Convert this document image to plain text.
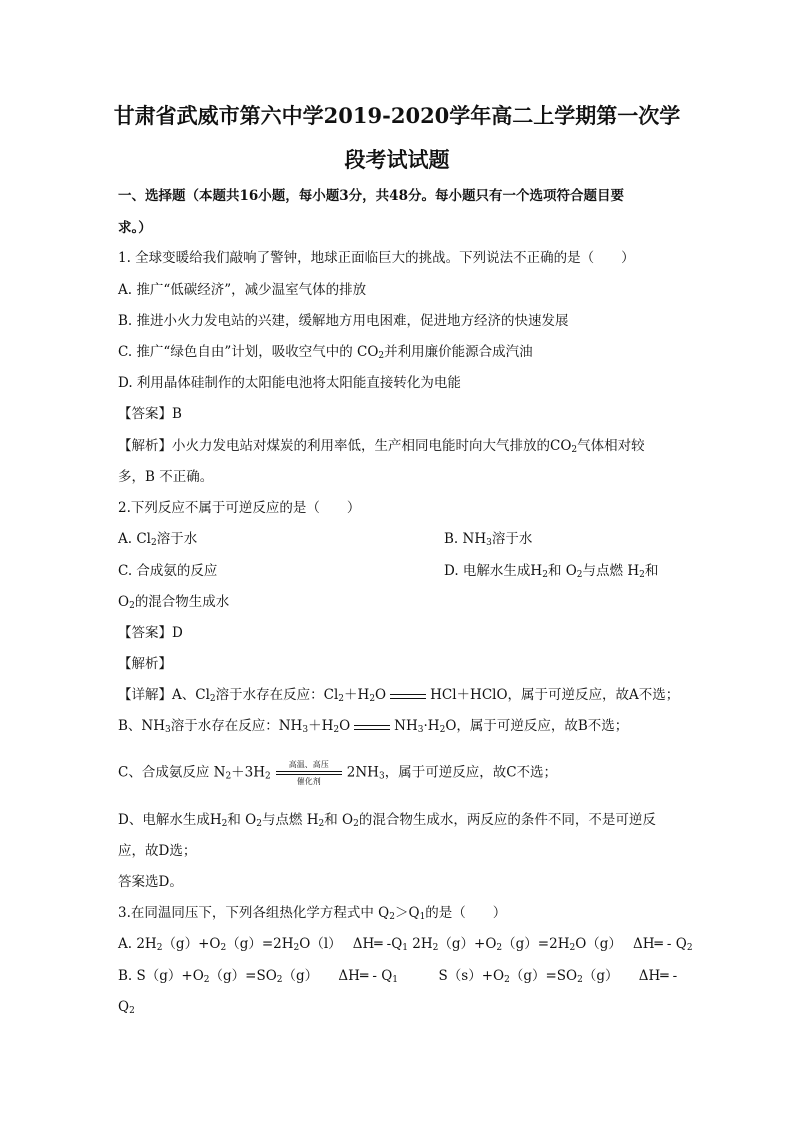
甘肃省武威市第六中学2019-2020学年高二上学期第一次学
段考试试题
一、选择题（本题共16小题，每小题3分，共48分。每小题只有一个选项符合题目要
求。）
1. 全球变暖给我们敲响了警钟，地球正面临巨大的挑战。下列说法不正确的是（　　）
A. 推广“低碳经济”，减少温室气体的排放
B. 推进小火力发电站的兴建，缓解地方用电困难，促进地方经济的快速发展
C. 推广“绿色自由”计划，吸收空气中的 $CO_2$并利用廉价能源合成汽油
D. 利用晶体硅制作的太阳能电池将太阳能直接转化为电能
【答案】B
【解析】小火力发电站对煤炭的利用率低，生产相同电能时向大气排放的$CO_2$气体相对较
多，B 不正确。
2.下列反应不属于可逆反应的是（　　）
A. $Cl_2$溶于水	B. $NH_3$溶于水
C. 合成氨的反应	D. 电解水生成$H_2$和 $O_2$与点燃 $H_2$和
$O_2$的混合物生成水
【答案】D
【解析】
【详解】A、$Cl_2$溶于水存在反应：$Cl_2+H_2O$	HCl＋HClO，属于可逆反应，故A不选；
B、$NH_3$溶于水存在反应：$NH_3+H_2O$	$NH_3\cdot H_2O$，属于可逆反应，故B不选；
C、合成氨反应 $N_2+3H_2$
高温、高压
催化剂
$2NH_3$，属于可逆反应，故C不选；
D、电解水生成$H_2$和 $O_2$与点燃 $H_2$和 $O_2$的混合物生成水，两反应的条件不同，不是可逆反
应，故D选；
答案选D。
3.在同温同压下，下列各组热化学方程式中 $Q_2>Q_1$的是（　　）
A. $2H_2(g)+O_2(g)=2H_2O(l)$　 ΔH═ $-Q_1$ $2H_2(g)+O_2(g)=2H_2O(g)$　 ΔH═ - $Q_2$
B. $S(g)+O_2(g)=SO_2(g)$　　ΔH═ - $Q_1$　　　$S(s)+O_2(g)=SO_2(g)$　　ΔH═ -
$Q_2$
